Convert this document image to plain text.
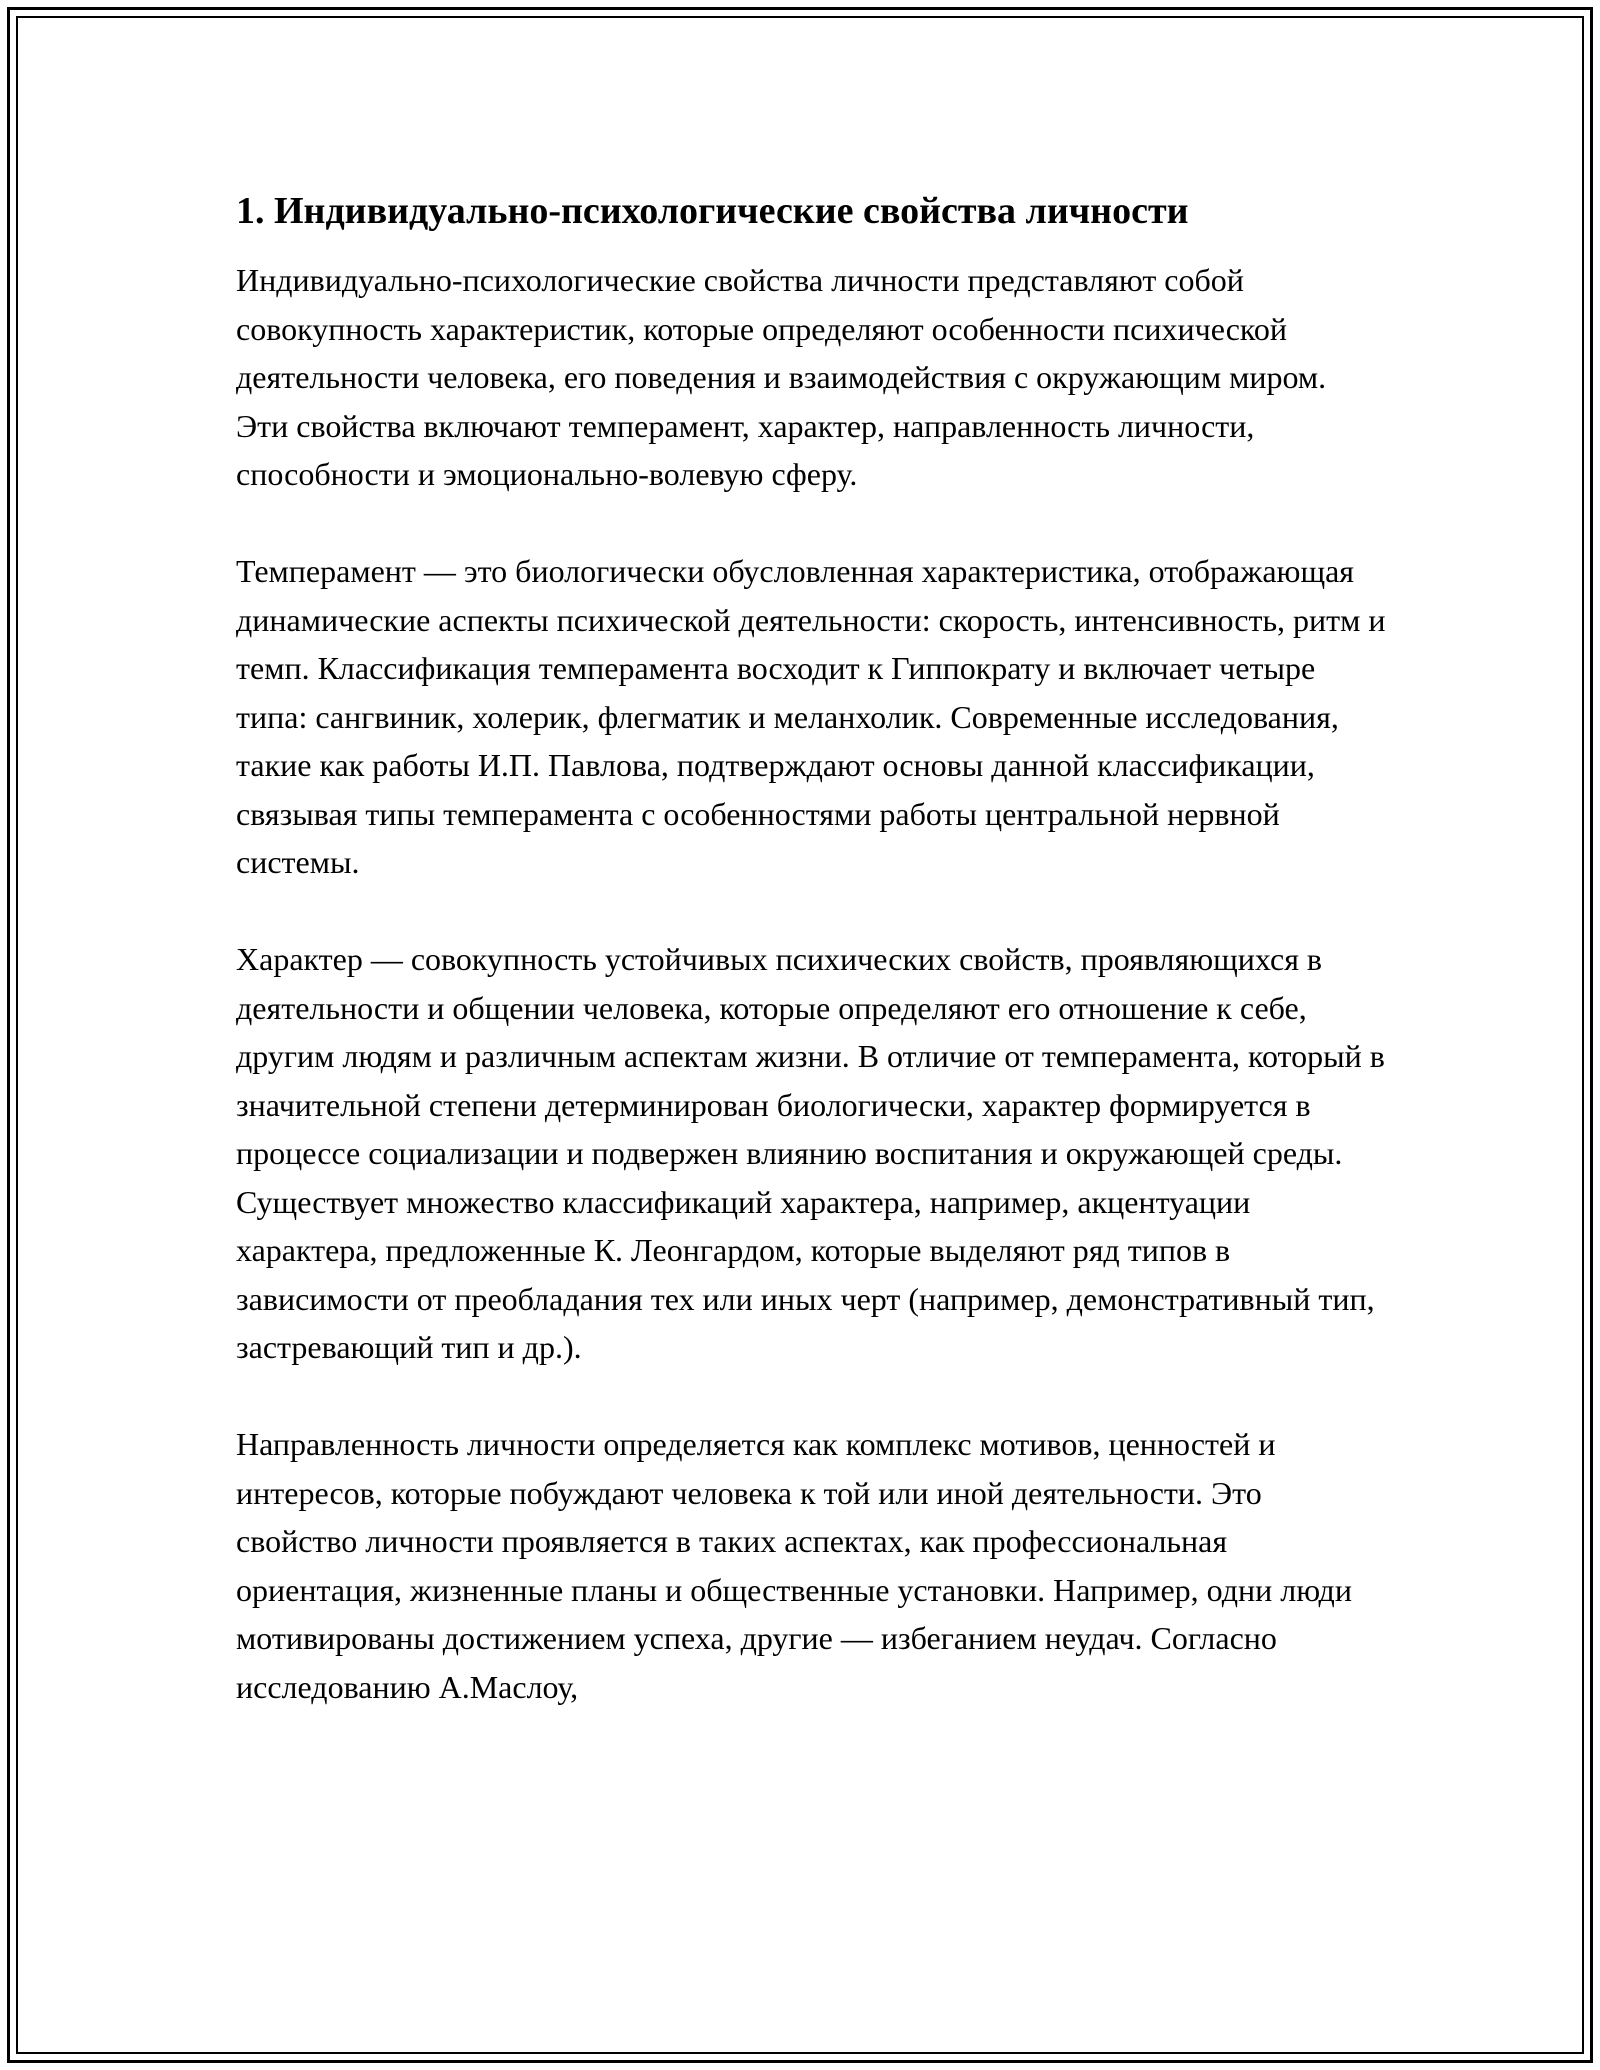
1. Индивидуально-психологические свойства личности

Индивидуально-психологические свойства личности представляют собой совокупность характеристик, которые определяют особенности психической деятельности человека, его поведения и взаимодействия с окружающим миром. Эти свойства включают темперамент, характер, направленность личности, способности и эмоционально-волевую сферу.

Темперамент — это биологически обусловленная характеристика, отображающая динамические аспекты психической деятельности: скорость, интенсивность, ритм и темп. Классификация темперамента восходит к Гиппократу и включает четыре типа: сангвиник, холерик, флегматик и меланхолик. Современные исследования, такие как работы И.П. Павлова, подтверждают основы данной классификации, связывая типы темперамента с особенностями работы центральной нервной системы.

Характер — совокупность устойчивых психических свойств, проявляющихся в деятельности и общении человека, которые определяют его отношение к себе, другим людям и различным аспектам жизни. В отличие от темперамента, который в значительной степени детерминирован биологически, характер формируется в процессе социализации и подвержен влиянию воспитания и окружающей среды. Существует множество классификаций характера, например, акцентуации характера, предложенные К. Леонгардом, которые выделяют ряд типов в зависимости от преобладания тех или иных черт (например, демонстративный тип, застревающий тип и др.).

Направленность личности определяется как комплекс мотивов, ценностей и интересов, которые побуждают человека к той или иной деятельности. Это свойство личности проявляется в таких аспектах, как профессиональная ориентация, жизненные планы и общественные установки. Например, одни люди мотивированы достижением успеха, другие — избеганием неудач. Согласно исследованию А.Маслоу,
